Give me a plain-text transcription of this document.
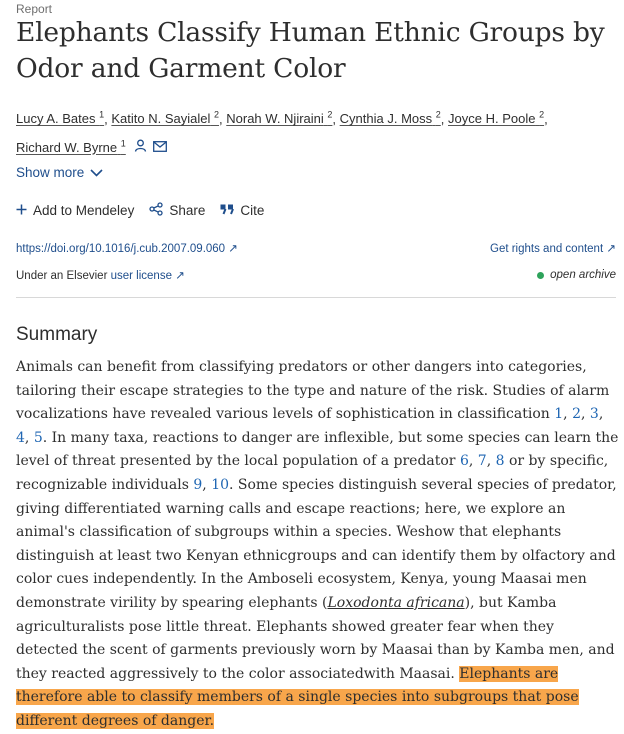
Report
Elephants Classify Human Ethnic Groups by Odor and Garment Color
Lucy A. Bates $^1$, Katito N. Sayialel $^2$, Norah W. Njiraini $^2$, Cynthia J. Moss $^2$, Joyce H. Poole $^2$,
Richard W. Byrne $^1$
Show more
Add to Mendeley	Share	Cite
https://doi.org/10.1016/j.cub.2007.09.060 ↗	Get rights and content ↗
Under an Elsevier user license ↗	open archive
Summary

Animals can benefit from classifying predators or other dangers into categories, tailoring their escape strategies to the type and nature of the risk. Studies of alarm vocalizations have revealed various levels of sophistication in classification 1, 2, 3, 4, 5. In many taxa, reactions to danger are inflexible, but some species can learn the level of threat presented by the local population of a predator 6, 7, 8 or by specific, recognizable individuals 9, 10. Some species distinguish several species of predator, giving differentiated warning calls and escape reactions; here, we explore an animal's classification of subgroups within a species. Weshow that elephants distinguish at least two Kenyan ethnicgroups and can identify them by olfactory and color cues independently. In the Amboseli ecosystem, Kenya, young Maasai men demonstrate virility by spearing elephants (Loxodonta africana), but Kamba agriculturalists pose little threat. Elephants showed greater fear when they detected the scent of garments previously worn by Maasai than by Kamba men, and they reacted aggressively to the color associatedwith Maasai. Elephants are therefore able to classify members of a single species into subgroups that pose different degrees of danger.
